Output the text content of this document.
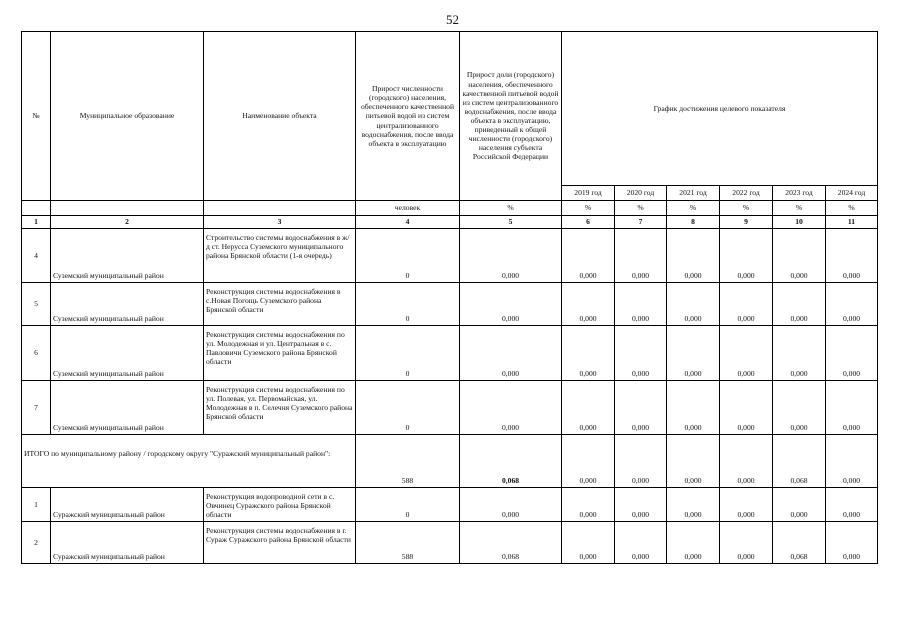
52
№	Муниципальное образование	Наименование объекта	Прирост численности (городского) населения, обеспеченного качественной питьевой водой из систем централизованного водоснабжения, после ввода объекта в эксплуатацию	Прирост доли (городского) населения, обеспеченного качественной питьевой водой из систем централизованного водоснабжения, после ввода объекта в эксплуатацию, приведенный к общей численности (городского) населения субъекта Российской Федерации	График достижения целевого показателя					
					2019 год	2020 год	2021 год	2022 год	2023 год	2024 год
			человек	%	%	%	%	%	%	%
1	2	3	4	5	6	7	8	9	10	11
4	Суземский муниципальный район	Строительство системы водоснабжения в ж/д ст. Нерусса Суземского муниципального района Брянской области (1-я очередь)	0	0,000	0,000	0,000	0,000	0,000	0,000	0,000
5	Суземский муниципальный район	Реконструкция системы водоснабжения в с.Новая Погощь Суземского района Брянской области	0	0,000	0,000	0,000	0,000	0,000	0,000	0,000
6	Суземский муниципальный район	Реконструкция системы водоснабжения по ул. Молодежная и ул. Центральная в с. Павловичи Суземского района Брянской области	0	0,000	0,000	0,000	0,000	0,000	0,000	0,000
7	Суземский муниципальный район	Реконструкция системы водоснабжения по ул. Полевая, ул. Первомайская, ул. Молодежная в п. Селечня Суземского района Брянской области	0	0,000	0,000	0,000	0,000	0,000	0,000	0,000
ИТОГО по муниципальному району / городскому округу "Суражский муниципальный район":			588	0,068	0,000	0,000	0,000	0,000	0,068	0,000
1	Суражский муниципальный район	Реконструкция водопроводной сети в с. Овчинец Суражского района Брянской области	0	0,000	0,000	0,000	0,000	0,000	0,000	0,000
2	Суражский муниципальный район	Реконструкция системы водоснабжения в г. Сураж Суражского района Брянской области	588	0,068	0,000	0,000	0,000	0,000	0,068	0,000
